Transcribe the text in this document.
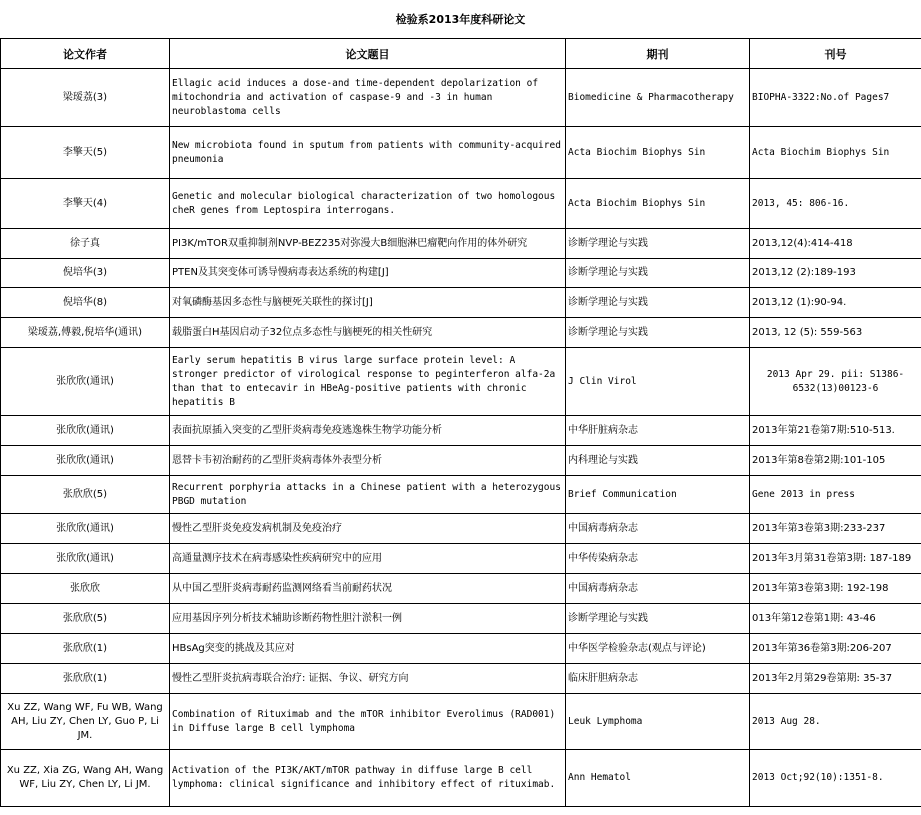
检验系2013年度科研论文
论文作者	论文题目	期刊	刊号
梁瑷荔(3)	Ellagic acid induces a dose-and time-dependent depolarization of mitochondria and activation of caspase-9 and -3 in human neuroblastoma cells	Biomedicine & Pharmacotherapy	BIOPHA-3322:No.of Pages7
李擎天(5)	New microbiota found in sputum from patients with community-acquired pneumonia	Acta Biochim Biophys Sin	Acta Biochim Biophys Sin
李擎天(4)	Genetic and molecular biological characterization of two homologous cheR genes from Leptospira interrogans.	Acta Biochim Biophys Sin	2013, 45: 806-16.
徐子真	PI3K/mTOR双重抑制剂NVP-BEZ235对弥漫大B细胞淋巴瘤靶向作用的体外研究	诊断学理论与实践	2013,12(4):414-418
倪培华(3)	PTEN及其突变体可诱导慢病毒表达系统的构建[J]	诊断学理论与实践	2013,12 (2):189-193
倪培华(8)	对氧磷酶基因多态性与脑梗死关联性的探讨[J]	诊断学理论与实践	2013,12 (1):90-94.
梁瑷荔,傅毅,倪培华(通讯)	载脂蛋白H基因启动子32位点多态性与脑梗死的相关性研究	诊断学理论与实践	2013, 12 (5): 559-563
张欣欣(通讯)	Early serum hepatitis B virus large surface protein level: A stronger predictor of virological response to peginterferon alfa-2a than that to entecavir in HBeAg-positive patients with chronic hepatitis B	J Clin Virol	2013 Apr 29. pii: S1386-6532(13)00123-6
张欣欣(通讯)	表面抗原插入突变的乙型肝炎病毒免疫逃逸株生物学功能分析	中华肝脏病杂志	2013年第21卷第7期:510-513.
张欣欣(通讯)	恩替卡韦初治耐药的乙型肝炎病毒体外表型分析	内科理论与实践	2013年第8卷第2期:101-105
张欣欣(5)	Recurrent porphyria attacks in a Chinese patient with a heterozygous PBGD mutation	Brief Communication	Gene 2013 in press
张欣欣(通讯)	慢性乙型肝炎免疫发病机制及免疫治疗	中国病毒病杂志	2013年第3卷第3期:233-237
张欣欣(通讯)	高通量测序技术在病毒感染性疾病研究中的应用	中华传染病杂志	2013年3月第31卷第3期: 187-189
张欣欣	从中国乙型肝炎病毒耐药监测网络看当前耐药状况	中国病毒病杂志	2013年第3卷第3期: 192-198
张欣欣(5)	应用基因序列分析技术辅助诊断药物性胆汁淤积一例	诊断学理论与实践	013年第12卷第1期: 43-46
张欣欣(1)	HBsAg突变的挑战及其应对	中华医学检验杂志(观点与评论)	2013年第36卷第3期:206-207
张欣欣(1)	慢性乙型肝炎抗病毒联合治疗: 证据、争议、研究方向	临床肝胆病杂志	2013年2月第29卷第期: 35-37
Xu ZZ, Wang WF, Fu WB, Wang AH, Liu ZY, Chen LY, Guo P, Li JM.	Combination of Rituximab and the mTOR inhibitor Everolimus (RAD001) in Diffuse large B cell lymphoma	Leuk Lymphoma	2013 Aug 28.
Xu ZZ, Xia ZG, Wang AH, Wang WF, Liu ZY, Chen LY, Li JM.	Activation of the PI3K/AKT/mTOR pathway in diffuse large B cell lymphoma: clinical significance and inhibitory effect of rituximab.	Ann Hematol	2013 Oct;92(10):1351-8.
